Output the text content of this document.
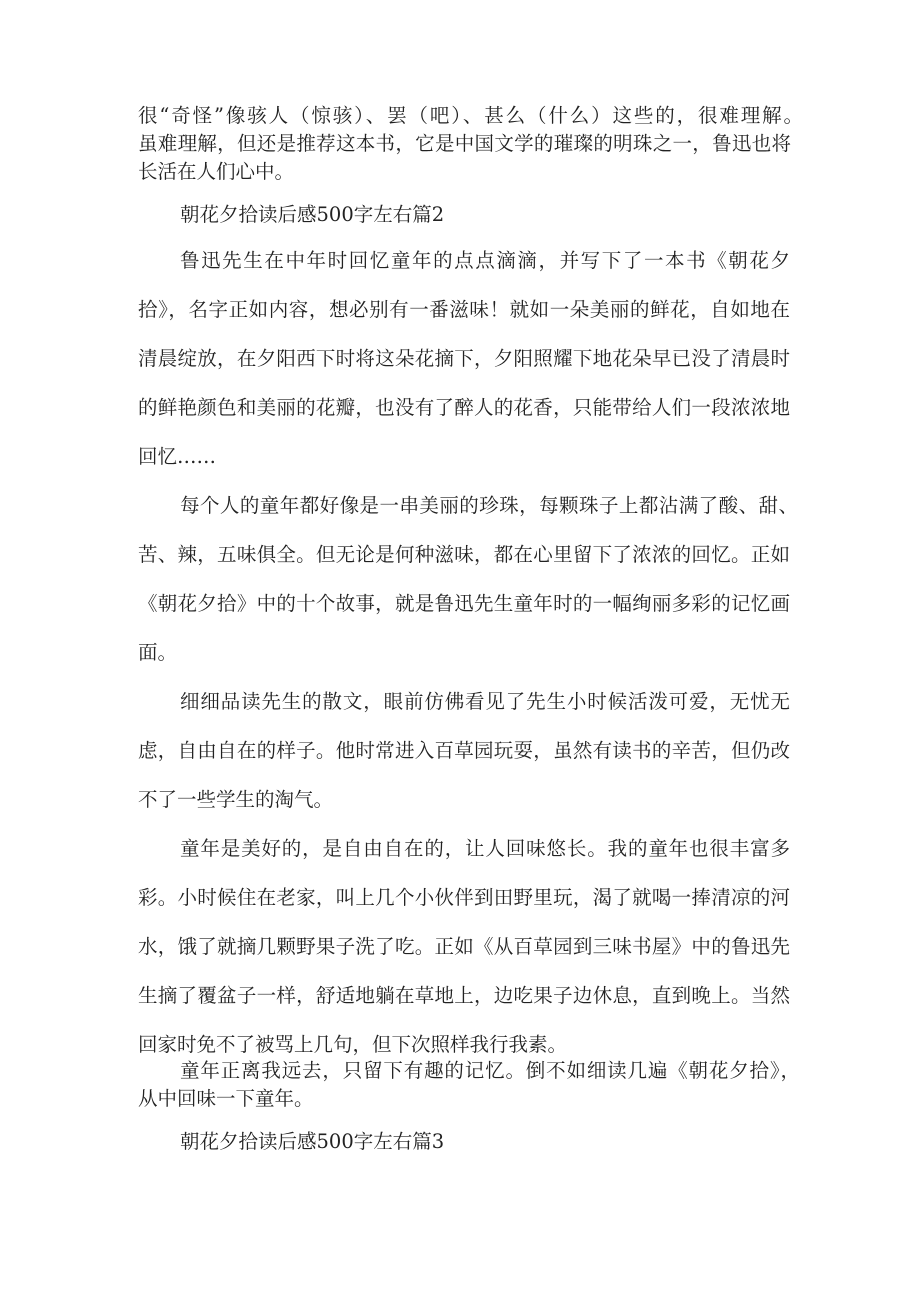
很“奇怪”像骇人（惊骇）、罢（吧）、甚么（什么）这些的，很难理解。
虽难理解，但还是推荐这本书，它是中国文学的璀璨的明珠之一，鲁迅也将
长活在人们心中。
朝花夕拾读后感500字左右篇2
鲁迅先生在中年时回忆童年的点点滴滴，并写下了一本书《朝花夕
拾》，名字正如内容，想必别有一番滋味！就如一朵美丽的鲜花，自如地在
清晨绽放，在夕阳西下时将这朵花摘下，夕阳照耀下地花朵早已没了清晨时
的鲜艳颜色和美丽的花瓣，也没有了醉人的花香，只能带给人们一段浓浓地
回忆……
每个人的童年都好像是一串美丽的珍珠，每颗珠子上都沾满了酸、甜、
苦、辣，五味俱全。但无论是何种滋味，都在心里留下了浓浓的回忆。正如
《朝花夕拾》中的十个故事，就是鲁迅先生童年时的一幅绚丽多彩的记忆画
面。
细细品读先生的散文，眼前仿佛看见了先生小时候活泼可爱，无忧无
虑，自由自在的样子。他时常进入百草园玩耍，虽然有读书的辛苦，但仍改
不了一些学生的淘气。
童年是美好的，是自由自在的，让人回味悠长。我的童年也很丰富多
彩。小时候住在老家，叫上几个小伙伴到田野里玩，渴了就喝一捧清凉的河
水，饿了就摘几颗野果子洗了吃。正如《从百草园到三味书屋》中的鲁迅先
生摘了覆盆子一样，舒适地躺在草地上，边吃果子边休息，直到晚上。当然
回家时免不了被骂上几句，但下次照样我行我素。
童年正离我远去，只留下有趣的记忆。倒不如细读几遍《朝花夕拾》，
从中回味一下童年。
朝花夕拾读后感500字左右篇3
